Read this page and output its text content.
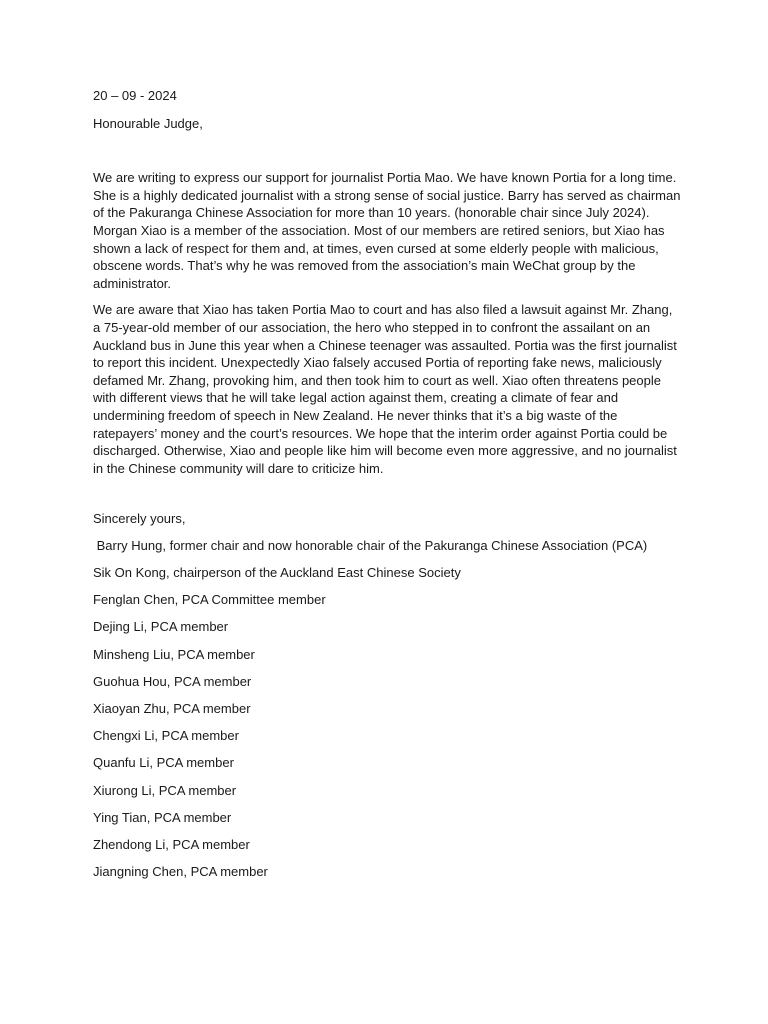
20 – 09 - 2024

Honourable Judge,

We are writing to express our support for journalist Portia Mao. We have known Portia for a long time. She is a highly dedicated journalist with a strong sense of social justice. Barry has served as chairman of the Pakuranga Chinese Association for more than 10 years. (honorable chair since July 2024). Morgan Xiao is a member of the association. Most of our members are retired seniors, but Xiao has shown a lack of respect for them and, at times, even cursed at some elderly people with malicious, obscene words. That’s why he was removed from the association’s main WeChat group by the administrator.

We are aware that Xiao has taken Portia Mao to court and has also filed a lawsuit against Mr. Zhang, a 75-year-old member of our association, the hero who stepped in to confront the assailant on an Auckland bus in June this year when a Chinese teenager was assaulted. Portia was the first journalist to report this incident. Unexpectedly Xiao falsely accused Portia of reporting fake news, maliciously defamed Mr. Zhang, provoking him, and then took him to court as well. Xiao often threatens people with different views that he will take legal action against them, creating a climate of fear and undermining freedom of speech in New Zealand. He never thinks that it’s a big waste of the ratepayers’ money and the court’s resources. We hope that the interim order against Portia could be discharged. Otherwise, Xiao and people like him will become even more aggressive, and no journalist in the Chinese community will dare to criticize him.

Sincerely yours,

Barry Hung, former chair and now honorable chair of the Pakuranga Chinese Association (PCA)
Sik On Kong, chairperson of the Auckland East Chinese Society
Fenglan Chen, PCA Committee member
Dejing Li, PCA member
Minsheng Liu, PCA member
Guohua Hou, PCA member
Xiaoyan Zhu, PCA member
Chengxi Li, PCA member
Quanfu Li, PCA member
Xiurong Li, PCA member
Ying Tian, PCA member
Zhendong Li, PCA member
Jiangning Chen, PCA member
